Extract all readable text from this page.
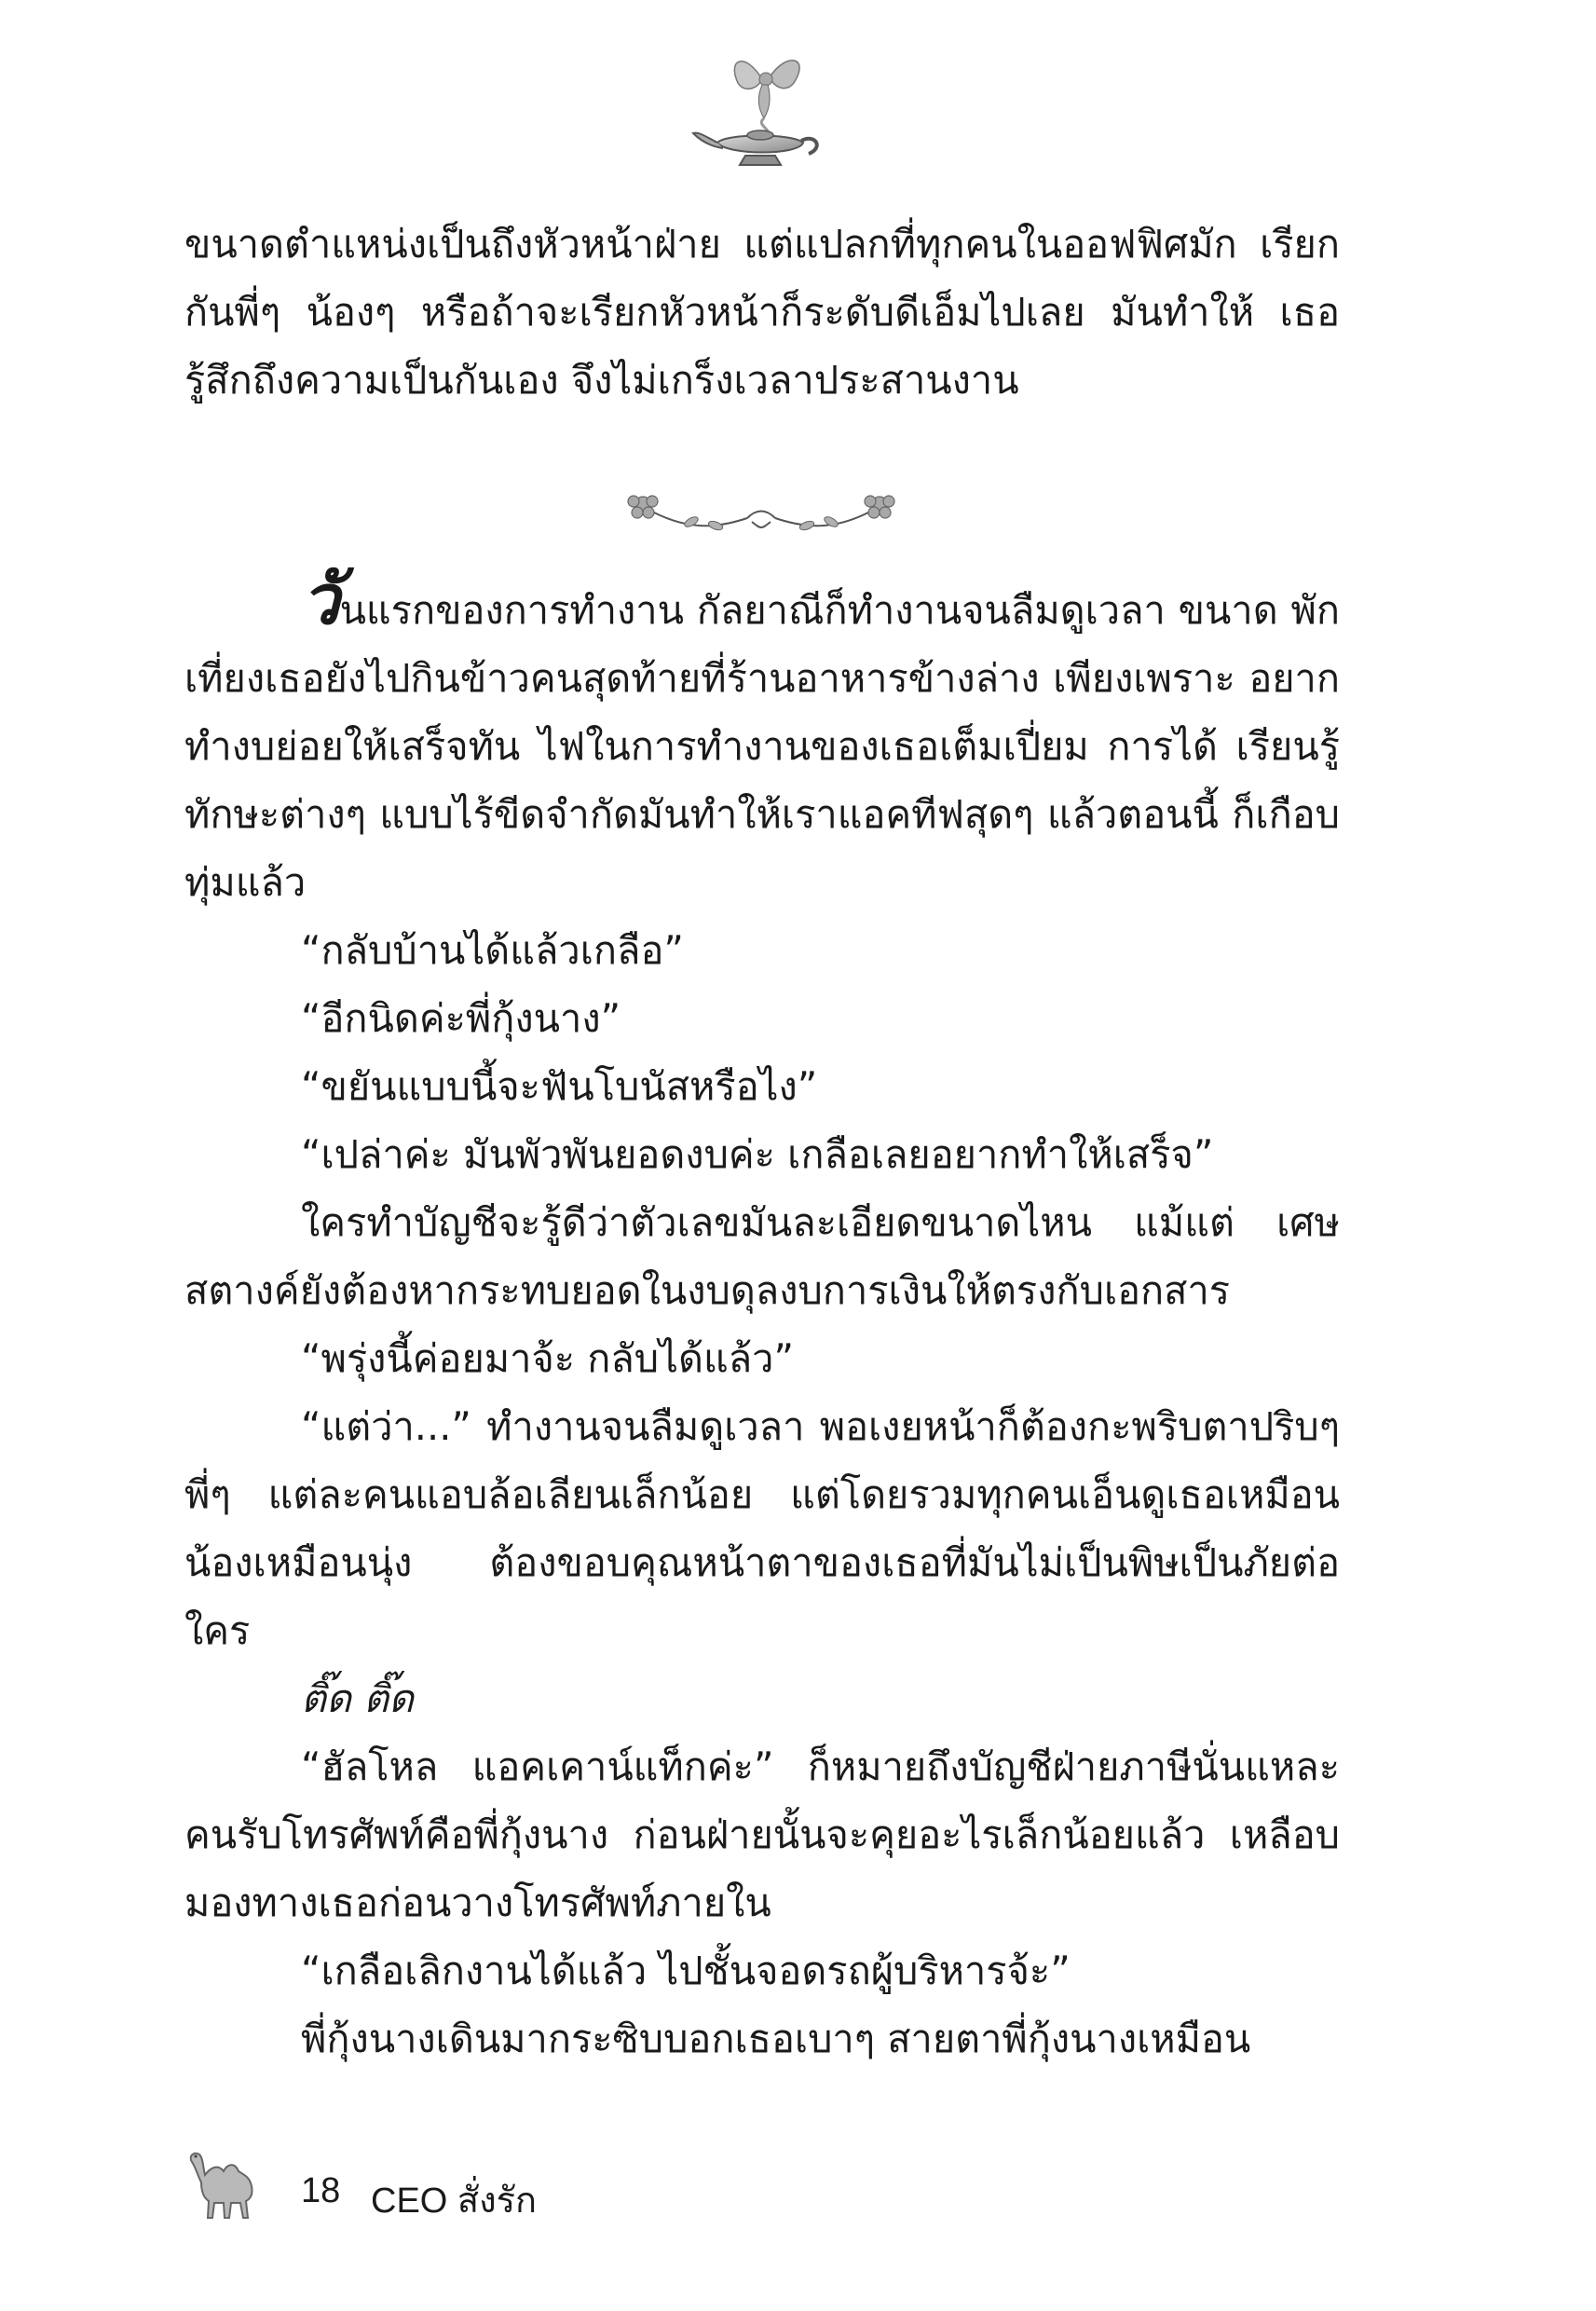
ขนาดตำแหน่งเป็นถึงหัวหน้าฝ่าย แต่แปลกที่ทุกคนในออฟฟิศมัก เรียกกันพี่ๆ น้องๆ หรือถ้าจะเรียกหัวหน้าก็ระดับดีเอ็มไปเลย มันทำให้ เธอรู้สึกถึงความเป็นกันเอง จึงไม่เกร็งเวลาประสานงาน

วันแรกของการทำงาน กัลยาณีก็ทำงานจนลืมดูเวลา ขนาด พักเที่ยงเธอยังไปกินข้าวคนสุดท้ายที่ร้านอาหารข้างล่าง เพียงเพราะ อยากทำงบย่อยให้เสร็จทัน ไฟในการทำงานของเธอเต็มเปี่ยม การได้ เรียนรู้ทักษะต่างๆ แบบไร้ขีดจำกัดมันทำให้เราแอคทีฟสุดๆ แล้วตอนนี้ ก็เกือบทุ่มแล้ว

“กลับบ้านได้แล้วเกลือ”

“อีกนิดค่ะพี่กุ้งนาง”

“ขยันแบบนี้จะฟันโบนัสหรือไง”

“เปล่าค่ะ มันพัวพันยอดงบค่ะ เกลือเลยอยากทำให้เสร็จ”

ใครทำบัญชีจะรู้ดีว่าตัวเลขมันละเอียดขนาดไหน แม้แต่ เศษสตางค์ยังต้องหากระทบยอดในงบดุลงบการเงินให้ตรงกับเอกสาร

“พรุ่งนี้ค่อยมาจ้ะ กลับได้แล้ว”

“แต่ว่า...” ทำงานจนลืมดูเวลา พอเงยหน้าก็ต้องกะพริบตาปริบๆ พี่ๆ แต่ละคนแอบล้อเลียนเล็กน้อย แต่โดยรวมทุกคนเอ็นดูเธอเหมือน น้องเหมือนนุ่ง ต้องขอบคุณหน้าตาของเธอที่มันไม่เป็นพิษเป็นภัยต่อใคร

ติ๊ด ติ๊ด

“ฮัลโหล แอคเคาน์แท็กค่ะ” ก็หมายถึงบัญชีฝ่ายภาษีนั่นแหละ คนรับโทรศัพท์คือพี่กุ้งนาง ก่อนฝ่ายนั้นจะคุยอะไรเล็กน้อยแล้ว เหลือบมองทางเธอก่อนวางโทรศัพท์ภายใน

“เกลือเลิกงานได้แล้ว ไปชั้นจอดรถผู้บริหารจ้ะ”

พี่กุ้งนางเดินมากระซิบบอกเธอเบาๆ สายตาพี่กุ้งนางเหมือน

18 CEO สั่งรัก
